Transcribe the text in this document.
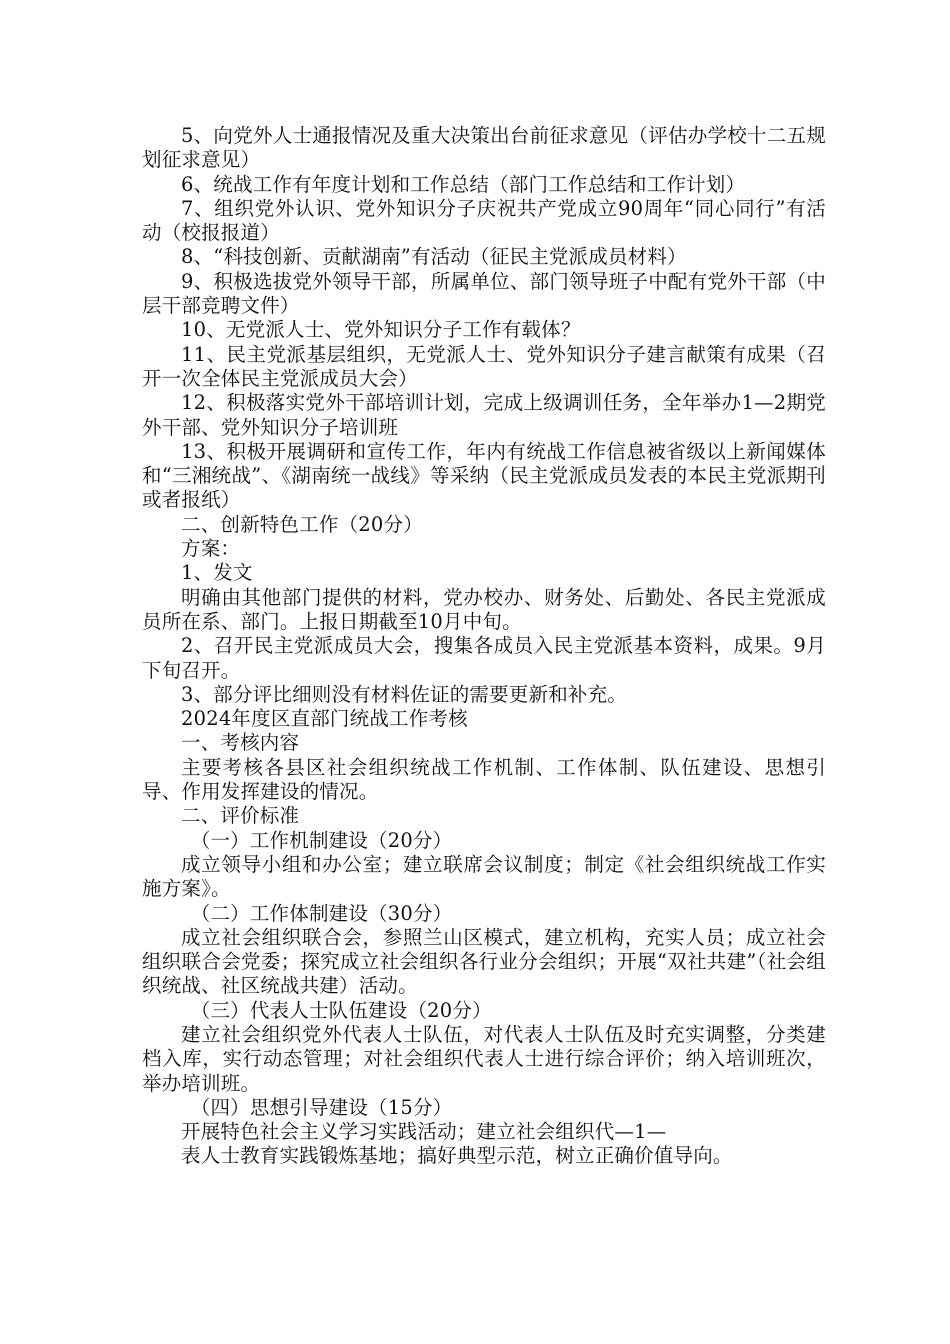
5、向党外人士通报情况及重大决策出台前征求意见（评估办学校十二五规划征求意见）

6、统战工作有年度计划和工作总结（部门工作总结和工作计划）

7、组织党外认识、党外知识分子庆祝共产党成立90周年“同心同行”有活动（校报报道）

8、“科技创新、贡献湖南”有活动（征民主党派成员材料）

9、积极选拔党外领导干部，所属单位、部门领导班子中配有党外干部（中层干部竞聘文件）

10、无党派人士、党外知识分子工作有载体？

11、民主党派基层组织，无党派人士、党外知识分子建言献策有成果（召开一次全体民主党派成员大会）

12、积极落实党外干部培训计划，完成上级调训任务，全年举办1—2期党外干部、党外知识分子培训班

13、积极开展调研和宣传工作，年内有统战工作信息被省级以上新闻媒体和“三湘统战”、《湖南统一战线》等采纳（民主党派成员发表的本民主党派期刊或者报纸）

二、创新特色工作（20分）

方案：

1、发文

明确由其他部门提供的材料，党办校办、财务处、后勤处、各民主党派成员所在系、部门。上报日期截至10月中旬。

2、召开民主党派成员大会，搜集各成员入民主党派基本资料，成果。9月下旬召开。

3、部分评比细则没有材料佐证的需要更新和补充。

2024年度区直部门统战工作考核

一、考核内容

主要考核各县区社会组织统战工作机制、工作体制、队伍建设、思想引导、作用发挥建设的情况。

二、评价标准

（一）工作机制建设（20分）

成立领导小组和办公室；建立联席会议制度；制定《社会组织统战工作实施方案》。

（二）工作体制建设（30分）

成立社会组织联合会，参照兰山区模式，建立机构，充实人员；成立社会组织联合会党委；探究成立社会组织各行业分会组织；开展“双社共建”（社会组织统战、社区统战共建）活动。

（三）代表人士队伍建设（20分）

建立社会组织党外代表人士队伍，对代表人士队伍及时充实调整，分类建档入库，实行动态管理；对社会组织代表人士进行综合评价；纳入培训班次，举办培训班。

（四）思想引导建设（15分）

开展特色社会主义学习实践活动；建立社会组织代—1—

表人士教育实践锻炼基地；搞好典型示范，树立正确价值导向。
